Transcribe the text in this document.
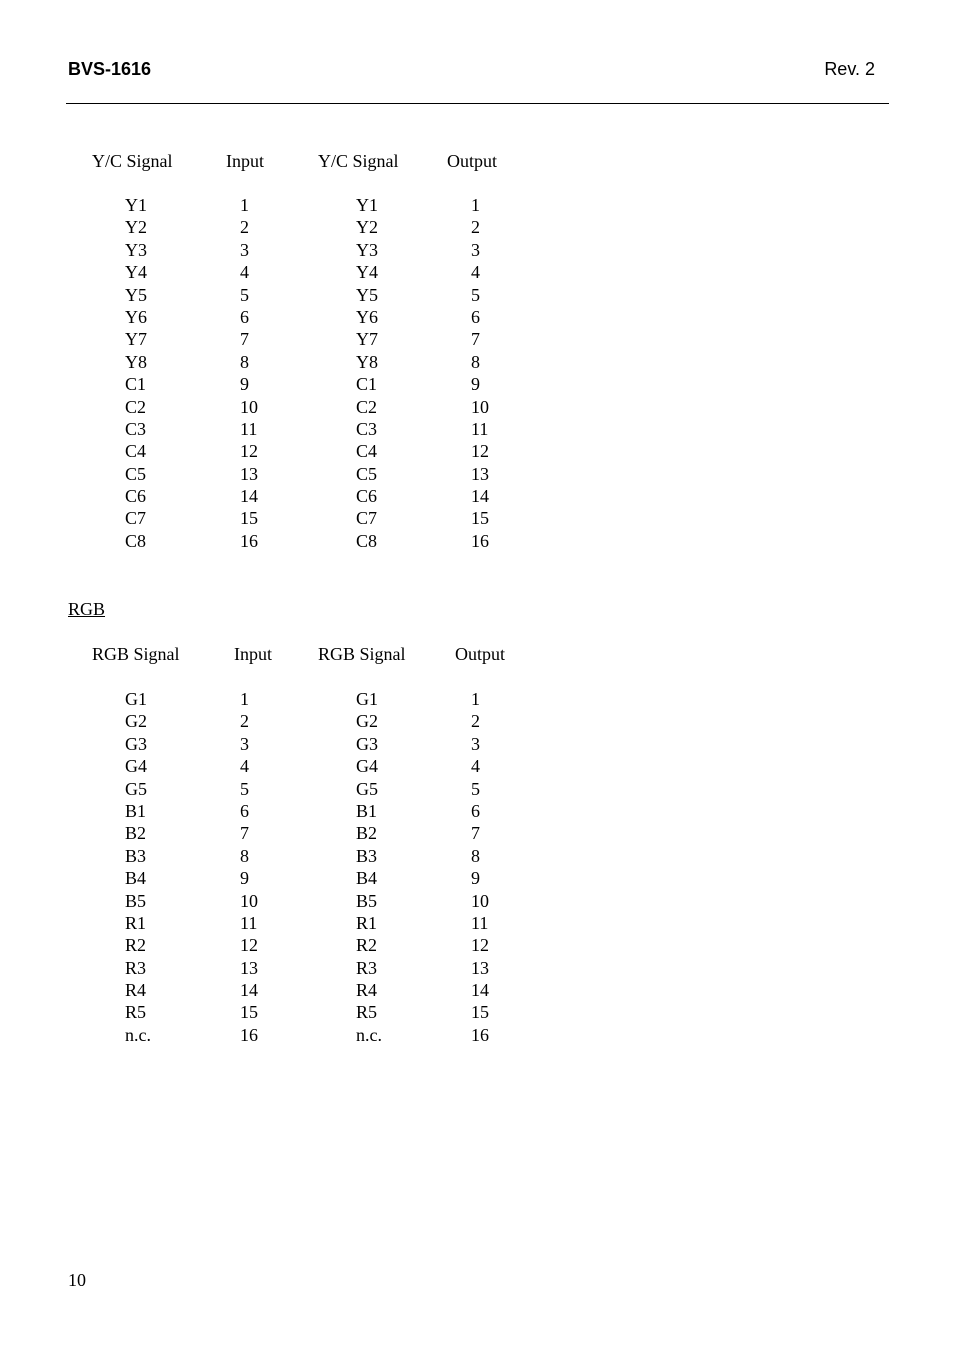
BVS-1616	Rev. 2
Y/C Signal	Input	Y/C Signal	Output
Y1	1	Y1	1
Y2	2	Y2	2
Y3	3	Y3	3
Y4	4	Y4	4
Y5	5	Y5	5
Y6	6	Y6	6
Y7	7	Y7	7
Y8	8	Y8	8
C1	9	C1	9
C2	10	C2	10
C3	11	C3	11
C4	12	C4	12
C5	13	C5	13
C6	14	C6	14
C7	15	C7	15
C8	16	C8	16
RGB
RGB Signal	Input	RGB Signal	Output
G1	1	G1	1
G2	2	G2	2
G3	3	G3	3
G4	4	G4	4
G5	5	G5	5
B1	6	B1	6
B2	7	B2	7
B3	8	B3	8
B4	9	B4	9
B5	10	B5	10
R1	11	R1	11
R2	12	R2	12
R3	13	R3	13
R4	14	R4	14
R5	15	R5	15
n.c.	16	n.c.	16
10
